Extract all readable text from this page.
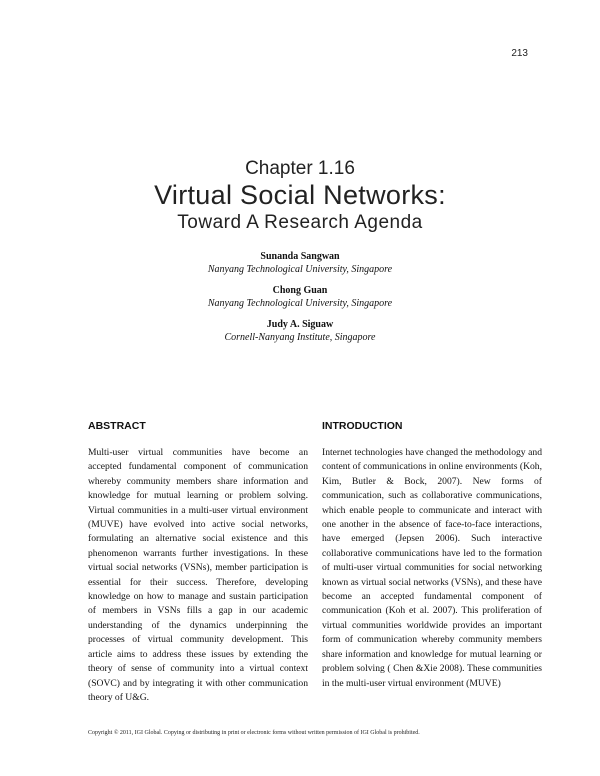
213
Chapter 1.16
Virtual Social Networks:
Toward A Research Agenda
Sunanda Sangwan
Nanyang Technological University, Singapore
Chong Guan
Nanyang Technological University, Singapore
Judy A. Siguaw
Cornell-Nanyang Institute, Singapore
ABSTRACT

Multi-user virtual communities have become an accepted fundamental component of communication whereby community members share information and knowledge for mutual learning or problem solving. Virtual communities in a multi-user virtual environment (MUVE) have evolved into active social networks, formulating an alternative social existence and this phenomenon warrants further investigations. In these virtual social networks (VSNs), member participation is essential for their success. Therefore, developing knowledge on how to manage and sustain participation of members in VSNs fills a gap in our academic understanding of the dynamics underpinning the processes of virtual community development. This article aims to address these issues by extending the theory of sense of community into a virtual context (SOVC) and by integrating it with other communication theory of U&G.

INTRODUCTION

Internet technologies have changed the methodology and content of communications in online environments (Koh, Kim, Butler & Bock, 2007). New forms of communication, such as collaborative communications, which enable people to communicate and interact with one another in the absence of face-to-face interactions, have emerged (Jepsen 2006). Such interactive collaborative communications have led to the formation of multi-user virtual communities for social networking known as virtual social networks (VSNs), and these have become an accepted fundamental component of communication (Koh et al. 2007). This proliferation of virtual communities worldwide provides an important form of communication whereby community members share information and knowledge for mutual learning or problem solving ( Chen &Xie 2008). These communities in the multi-user virtual environment (MUVE)

Copyright © 2011, IGI Global. Copying or distributing in print or electronic forms without written permission of IGI Global is prohibited.
